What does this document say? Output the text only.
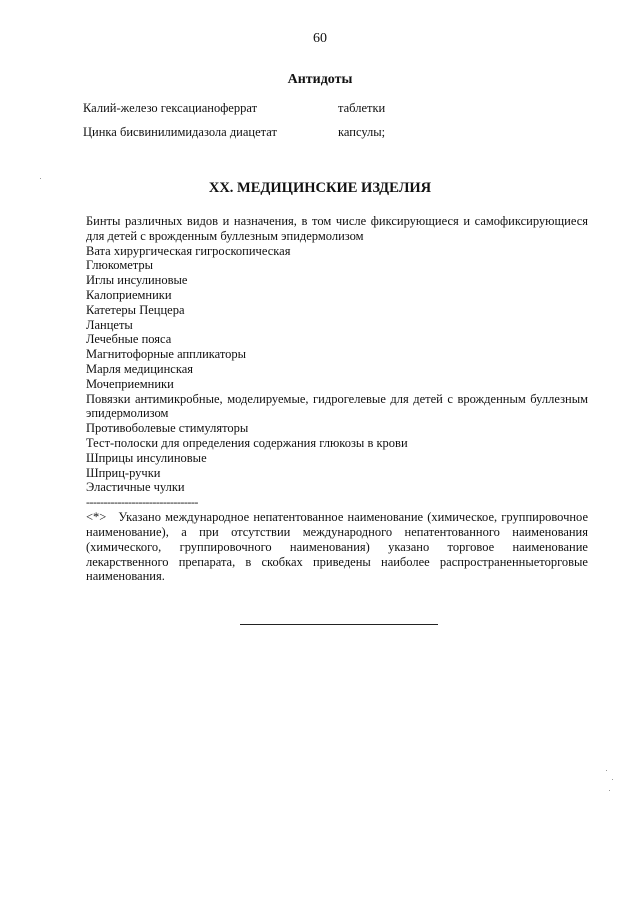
60
Антидоты
Калий-железо гексацианоферрат	таблетки
Цинка бисвинилимидазола диацетат	капсулы;
XX. МЕДИЦИНСКИЕ ИЗДЕЛИЯ
Бинты различных видов и назначения, в том числе фиксирующиеся и самофиксирующиеся для детей с врожденным буллезным эпидермолизом
Вата хирургическая гигроскопическая
Глюкометры
Иглы инсулиновые
Калоприемники
Катетеры Пеццера
Ланцеты
Лечебные пояса
Магнитофорные аппликаторы
Марля медицинская
Мочеприемники
Повязки антимикробные, моделируемые, гидрогелевые для детей с врожденным буллезным эпидермолизом
Противоболевые стимуляторы
Тест-полоски для определения содержания глюкозы в крови
Шприцы инсулиновые
Шприц-ручки
Эластичные чулки
--------------------------------
<*> Указано международное непатентованное наименование (химическое, группировочное наименование), а при отсутствии международного непатентованного наименования (химического, группировочного наименования) указано торговое наименование лекарственного препарата, в скобках приведены наиболее распространенныеторговые наименования.
